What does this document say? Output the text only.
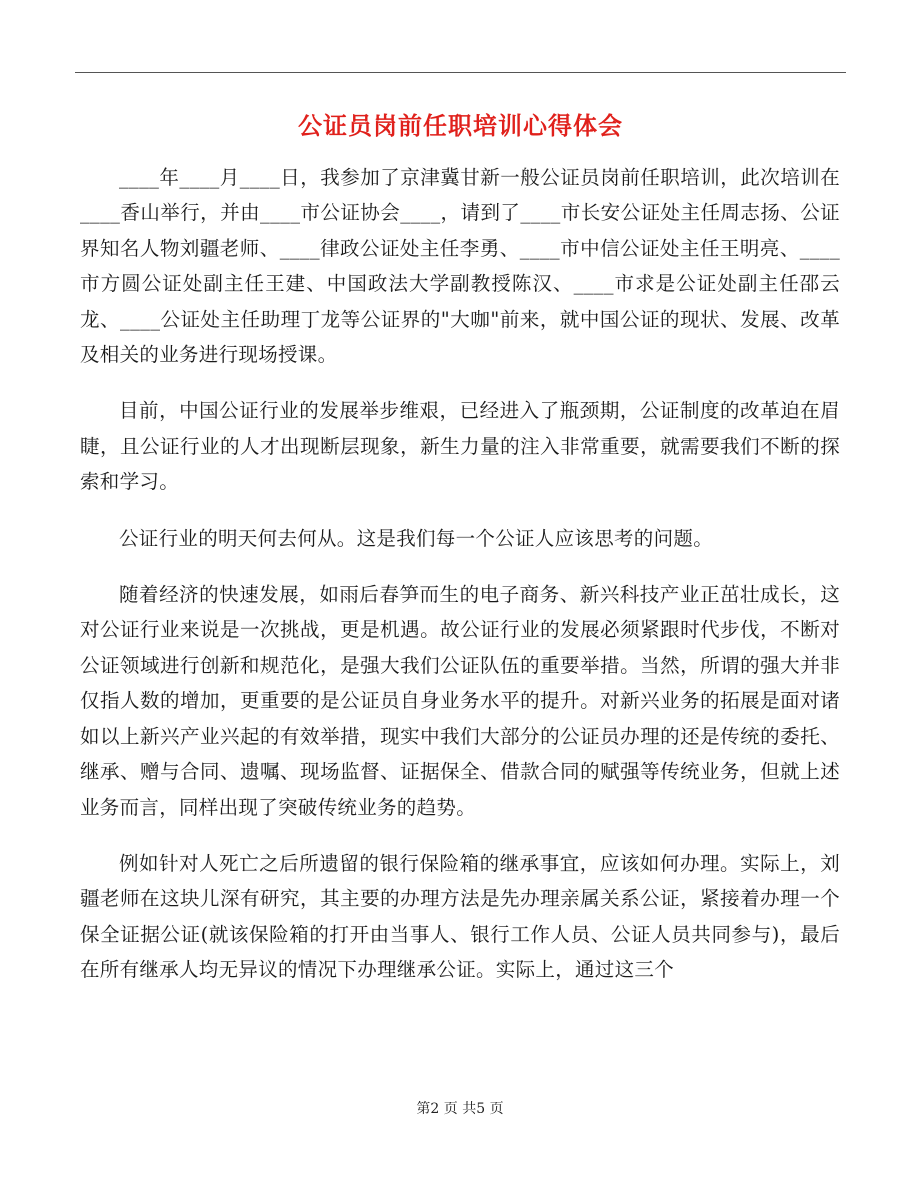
公证员岗前任职培训心得体会

____年____月____日，我参加了京津冀甘新一般公证员岗前任职培训，此次培训在____香山举行，并由____市公证协会____，请到了____市长安公证处主任周志扬、公证界知名人物刘疆老师、____律政公证处主任李勇、____市中信公证处主任王明亮、____市方圆公证处副主任王建、中国政法大学副教授陈汉、____市求是公证处副主任邵云龙、____公证处主任助理丁龙等公证界的"大咖"前来，就中国公证的现状、发展、改革及相关的业务进行现场授课。

目前，中国公证行业的发展举步维艰，已经进入了瓶颈期，公证制度的改革迫在眉睫，且公证行业的人才出现断层现象，新生力量的注入非常重要，就需要我们不断的探索和学习。

公证行业的明天何去何从。这是我们每一个公证人应该思考的问题。

随着经济的快速发展，如雨后春笋而生的电子商务、新兴科技产业正茁壮成长，这对公证行业来说是一次挑战，更是机遇。故公证行业的发展必须紧跟时代步伐，不断对公证领域进行创新和规范化，是强大我们公证队伍的重要举措。当然，所谓的强大并非仅指人数的增加，更重要的是公证员自身业务水平的提升。对新兴业务的拓展是面对诸如以上新兴产业兴起的有效举措，现实中我们大部分的公证员办理的还是传统的委托、继承、赠与合同、遗嘱、现场监督、证据保全、借款合同的赋强等传统业务，但就上述业务而言，同样出现了突破传统业务的趋势。

例如针对人死亡之后所遗留的银行保险箱的继承事宜，应该如何办理。实际上，刘疆老师在这块儿深有研究，其主要的办理方法是先办理亲属关系公证，紧接着办理一个保全证据公证(就该保险箱的打开由当事人、银行工作人员、公证人员共同参与)，最后在所有继承人均无异议的情况下办理继承公证。实际上，通过这三个

第2 页 共5 页
